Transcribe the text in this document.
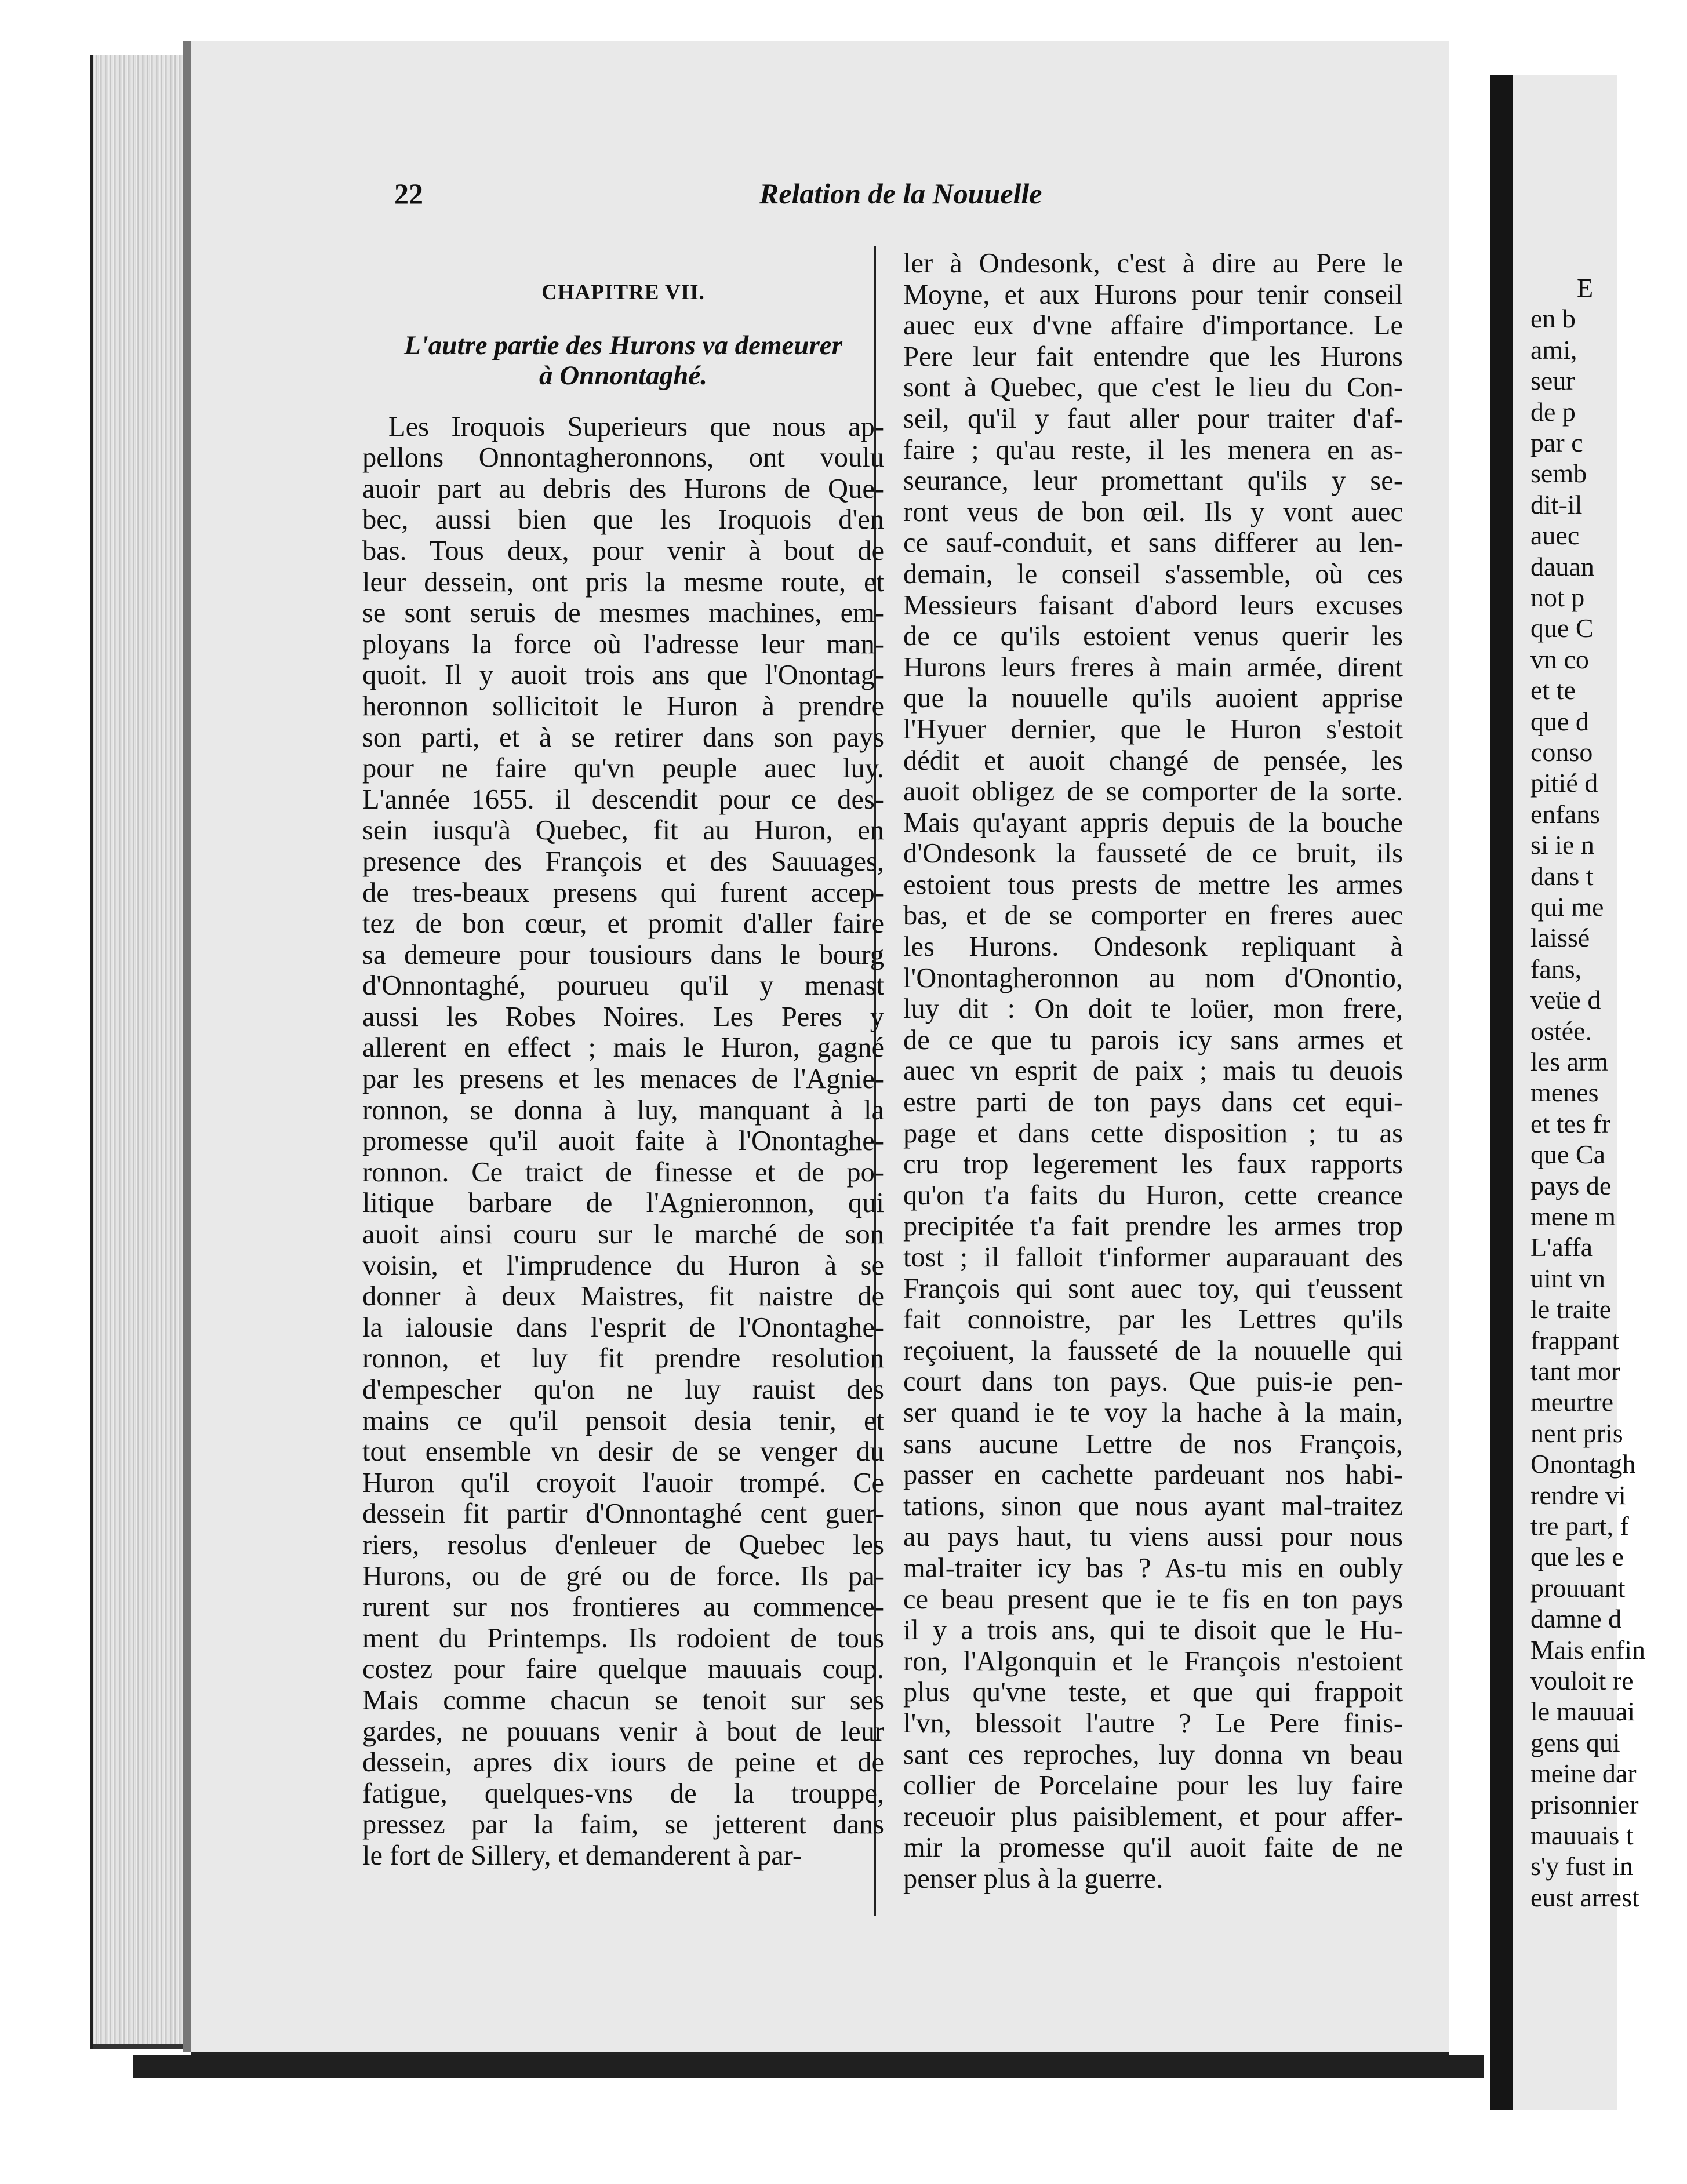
E
en b
ami,
seur
de p
par c
semb
dit-il
auec
dauan
not p
que C
vn co
et te
que d
conso
pitié d
enfans
si ie n
dans t
qui me
laissé
fans,
veüe d
ostée.
les arm
menes
et tes fr
que Ca
pays de
mene m
L'affa
uint vn
le traite
frappant
tant mor
meurtre
nent pris
Onontagh
rendre vi
tre part, f
que les e
prouuant
damne d
Mais enfin
vouloit re
le mauuai
gens qui
meine dar
prisonnier
mauuais t
s'y fust in
eust arrest
22	Relation de la Nouuelle
CHAPITRE VII.
L'autre partie des Hurons va demeurer
à Onnontaghé.
Les Iroquois Superieurs que nous ap-
pellons Onnontagheronnons, ont voulu
auoir part au debris des Hurons de Que-
bec, aussi bien que les Iroquois d'en
bas. Tous deux, pour venir à bout de
leur dessein, ont pris la mesme route, et
se sont seruis de mesmes machines, em-
ployans la force où l'adresse leur man-
quoit. Il y auoit trois ans que l'Onontag-
heronnon sollicitoit le Huron à prendre
son parti, et à se retirer dans son pays
pour ne faire qu'vn peuple auec luy.
L'année 1655. il descendit pour ce des-
sein iusqu'à Quebec, fit au Huron, en
presence des François et des Sauuages,
de tres-beaux presens qui furent accep-
tez de bon cœur, et promit d'aller faire
sa demeure pour tousiours dans le bourg
d'Onnontaghé, pourueu qu'il y menast
aussi les Robes Noires. Les Peres y
allerent en effect ; mais le Huron, gagné
par les presens et les menaces de l'Agnie-
ronnon, se donna à luy, manquant à la
promesse qu'il auoit faite à l'Onontaghe-
ronnon. Ce traict de finesse et de po-
litique barbare de l'Agnieronnon, qui
auoit ainsi couru sur le marché de son
voisin, et l'imprudence du Huron à se
donner à deux Maistres, fit naistre de
la ialousie dans l'esprit de l'Onontaghe-
ronnon, et luy fit prendre resolution
d'empescher qu'on ne luy rauist des
mains ce qu'il pensoit desia tenir, et
tout ensemble vn desir de se venger du
Huron qu'il croyoit l'auoir trompé. Ce
dessein fit partir d'Onnontaghé cent guer-
riers, resolus d'enleuer de Quebec les
Hurons, ou de gré ou de force. Ils pa-
rurent sur nos frontieres au commence-
ment du Printemps. Ils rodoient de tous
costez pour faire quelque mauuais coup.
Mais comme chacun se tenoit sur ses
gardes, ne pouuans venir à bout de leur
dessein, apres dix iours de peine et de
fatigue, quelques-vns de la trouppe,
pressez par la faim, se jetterent dans
le fort de Sillery, et demanderent à par-
ler à Ondesonk, c'est à dire au Pere le
Moyne, et aux Hurons pour tenir conseil
auec eux d'vne affaire d'importance. Le
Pere leur fait entendre que les Hurons
sont à Quebec, que c'est le lieu du Con-
seil, qu'il y faut aller pour traiter d'af-
faire ; qu'au reste, il les menera en as-
seurance, leur promettant qu'ils y se-
ront veus de bon œil. Ils y vont auec
ce sauf-conduit, et sans differer au len-
demain, le conseil s'assemble, où ces
Messieurs faisant d'abord leurs excuses
de ce qu'ils estoient venus querir les
Hurons leurs freres à main armée, dirent
que la nouuelle qu'ils auoient apprise
l'Hyuer dernier, que le Huron s'estoit
dédit et auoit changé de pensée, les
auoit obligez de se comporter de la sorte.
Mais qu'ayant appris depuis de la bouche
d'Ondesonk la fausseté de ce bruit, ils
estoient tous prests de mettre les armes
bas, et de se comporter en freres auec
les Hurons. Ondesonk repliquant à
l'Onontagheronnon au nom d'Onontio,
luy dit : On doit te loüer, mon frere,
de ce que tu parois icy sans armes et
auec vn esprit de paix ; mais tu deuois
estre parti de ton pays dans cet equi-
page et dans cette disposition ; tu as
cru trop legerement les faux rapports
qu'on t'a faits du Huron, cette creance
precipitée t'a fait prendre les armes trop
tost ; il falloit t'informer auparauant des
François qui sont auec toy, qui t'eussent
fait connoistre, par les Lettres qu'ils
reçoiuent, la fausseté de la nouuelle qui
court dans ton pays. Que puis-ie pen-
ser quand ie te voy la hache à la main,
sans aucune Lettre de nos François,
passer en cachette pardeuant nos habi-
tations, sinon que nous ayant mal-traitez
au pays haut, tu viens aussi pour nous
mal-traiter icy bas ? As-tu mis en oubly
ce beau present que ie te fis en ton pays
il y a trois ans, qui te disoit que le Hu-
ron, l'Algonquin et le François n'estoient
plus qu'vne teste, et que qui frappoit
l'vn, blessoit l'autre ? Le Pere finis-
sant ces reproches, luy donna vn beau
collier de Porcelaine pour les luy faire
receuoir plus paisiblement, et pour affer-
mir la promesse qu'il auoit faite de ne
penser plus à la guerre.
